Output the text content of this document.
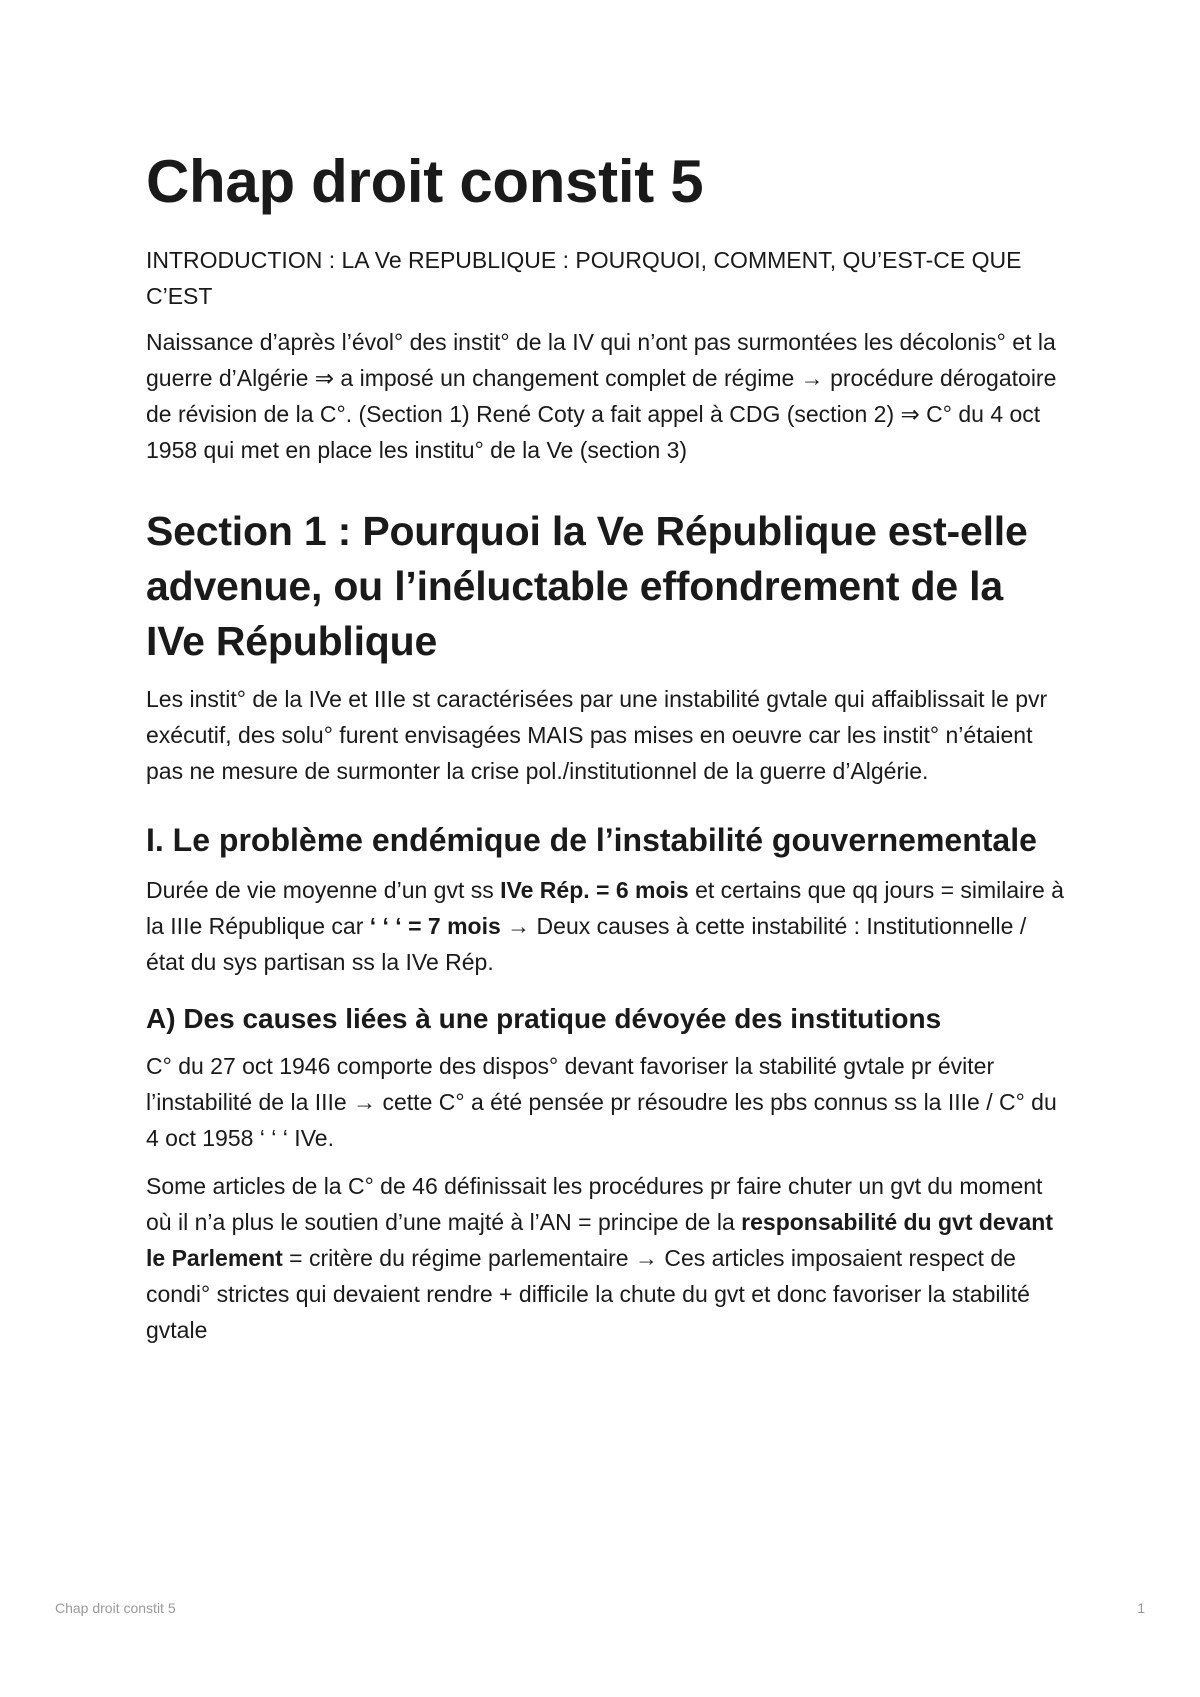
Chap droit constit 5

INTRODUCTION : LA Ve REPUBLIQUE : POURQUOI, COMMENT, QU’EST-CE QUE C’EST

Naissance d’après l’évol° des instit° de la IV qui n’ont pas surmontées les décolonis° et la guerre d’Algérie ⇒ a imposé un changement complet de régime → procédure dérogatoire de révision de la C°. (Section 1) René Coty a fait appel à CDG (section 2) ⇒ C° du 4 oct 1958 qui met en place les institu° de la Ve (section 3)

Section 1 : Pourquoi la Ve République est-elle advenue, ou l’inéluctable effondrement de la IVe République

Les instit° de la IVe et IIIe st caractérisées par une instabilité gvtale qui affaiblissait le pvr exécutif, des solu° furent envisagées MAIS pas mises en oeuvre car les instit° n’étaient pas ne mesure de surmonter la crise pol./institutionnel de la guerre d’Algérie.

I. Le problème endémique de l’instabilité gouvernementale

Durée de vie moyenne d’un gvt ss IVe Rép. = 6 mois et certains que qq jours = similaire à la IIIe République car ‘ ‘ ‘ = 7 mois → Deux causes à cette instabilité : Institutionnelle / état du sys partisan ss la IVe Rép.

A) Des causes liées à une pratique dévoyée des institutions

C° du 27 oct 1946 comporte des dispos° devant favoriser la stabilité gvtale pr éviter l’instabilité de la IIIe → cette C° a été pensée pr résoudre les pbs connus ss la IIIe / C° du 4 oct 1958 ‘ ‘ ‘ IVe.

Some articles de la C° de 46 définissait les procédures pr faire chuter un gvt du moment où il n’a plus le soutien d’une majté à l’AN = principe de la responsabilité du gvt devant le Parlement = critère du régime parlementaire → Ces articles imposaient respect de condi° strictes qui devaient rendre + difficile la chute du gvt et donc favoriser la stabilité gvtale

Chap droit constit 5	1
